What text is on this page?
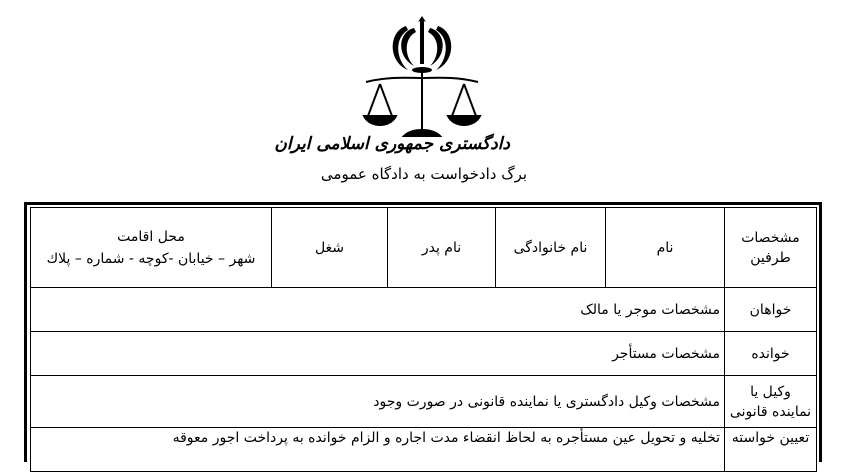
دادگستری جمهوری اسلامی ایران
برگ دادخواست به دادگاه عمومی
مشخصات طرفين	نام	نام خانوادگی	نام پدر	شغل	محل اقامت
شهر – خیابان -کوچه - شماره – پلاك

خواهان	مشخصات موجر یا مالک				
خوانده	مشخصات مستأجر				
وکیل یا نماینده قانونی	مشخصات وكیل دادگستری یا نماینده قانونی در صورت وجود				
تعیین خواسته	تخلیه و تحویل عین مستأجره به لحاظ انقضاء مدت اجاره و الزام خوانده به پرداخت اجور معوقه				
